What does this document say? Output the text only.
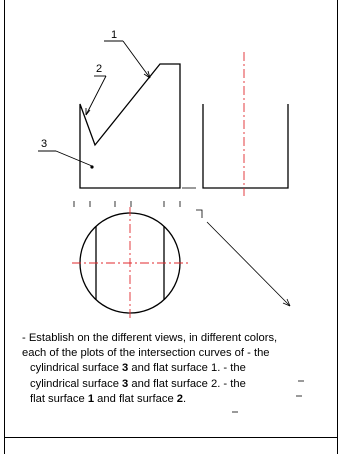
1
2
3
- Establish on the different views, in different colors,
each of the plots of the intersection curves of - the
cylindrical surface 3 and flat surface 1. - the
cylindrical surface 3 and flat surface 2. - the
flat surface 1 and flat surface 2.
